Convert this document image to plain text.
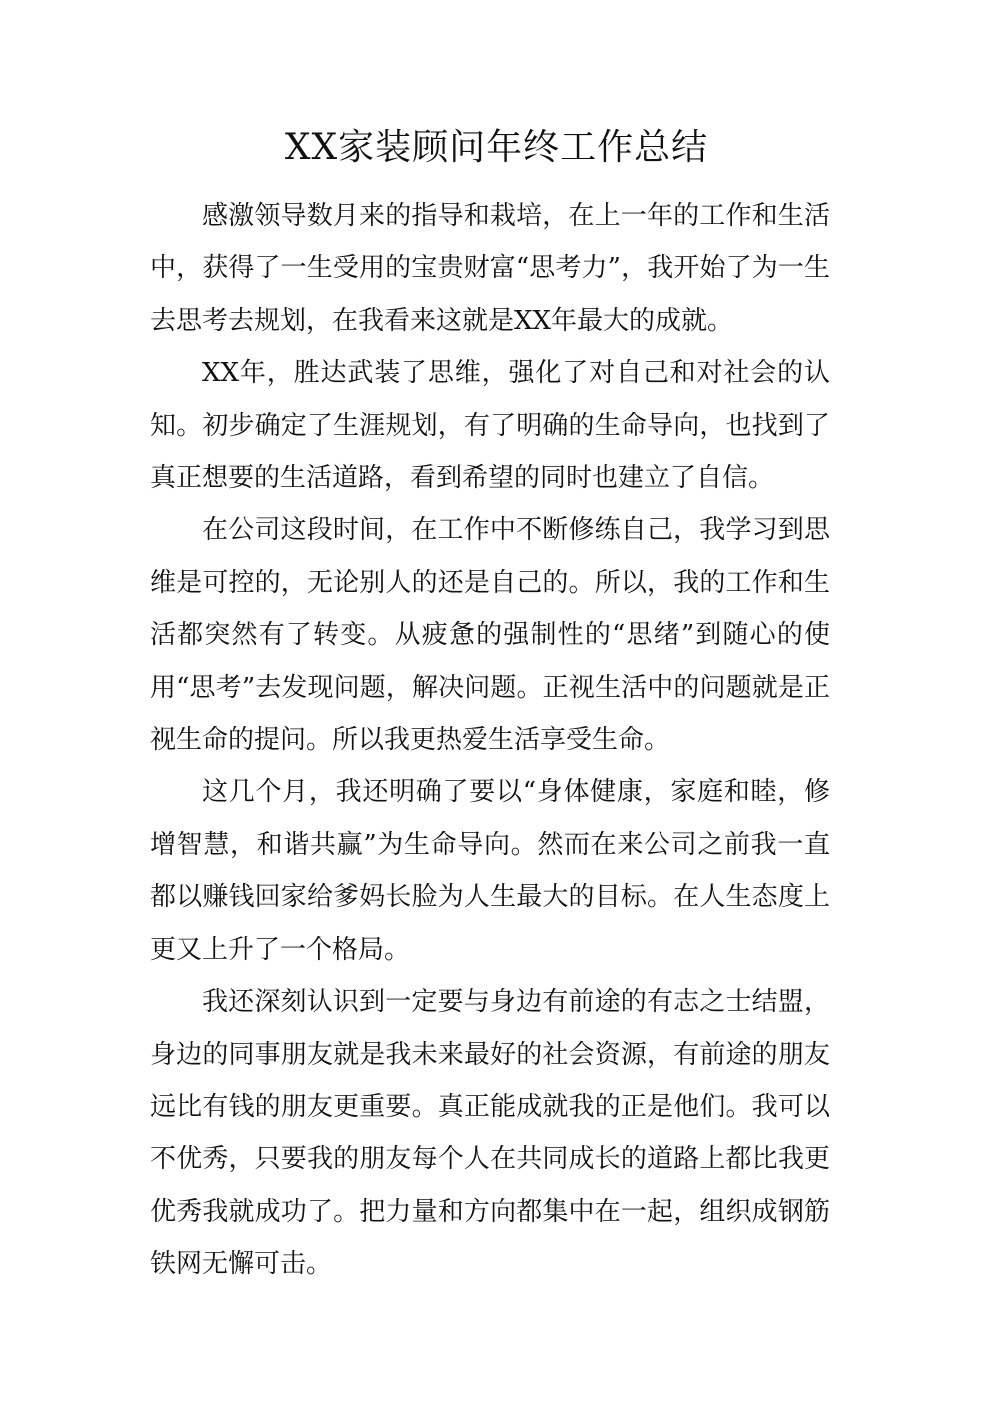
XX家装顾问年终工作总结

感激领导数月来的指导和栽培，在上一年的工作和生活中，获得了一生受用的宝贵财富“思考力”，我开始了为一生去思考去规划，在我看来这就是XX年最大的成就。

XX年，胜达武装了思维，强化了对自己和对社会的认知。初步确定了生涯规划，有了明确的生命导向，也找到了真正想要的生活道路，看到希望的同时也建立了自信。

在公司这段时间，在工作中不断修练自己，我学习到思维是可控的，无论别人的还是自己的。所以，我的工作和生活都突然有了转变。从疲惫的强制性的“思绪”到随心的使用“思考”去发现问题，解决问题。正视生活中的问题就是正视生命的提问。所以我更热爱生活享受生命。

这几个月，我还明确了要以“身体健康，家庭和睦，修增智慧，和谐共赢”为生命导向。然而在来公司之前我一直都以赚钱回家给爹妈长脸为人生最大的目标。在人生态度上更又上升了一个格局。

我还深刻认识到一定要与身边有前途的有志之士结盟，身边的同事朋友就是我未来最好的社会资源，有前途的朋友远比有钱的朋友更重要。真正能成就我的正是他们。我可以不优秀，只要我的朋友每个人在共同成长的道路上都比我更优秀我就成功了。把力量和方向都集中在一起，组织成钢筋铁网无懈可击。
